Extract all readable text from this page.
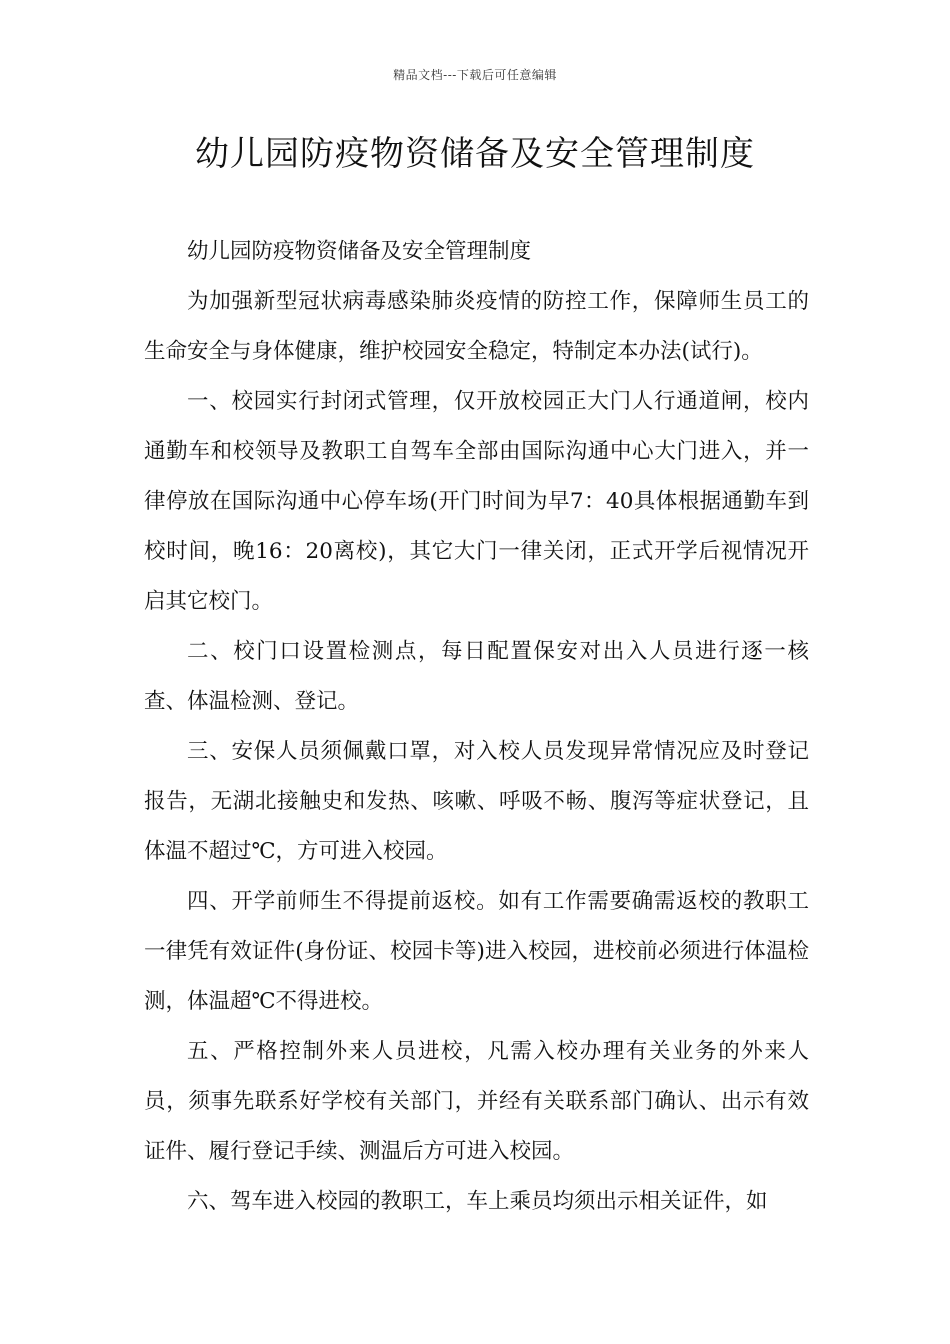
精品文档---下载后可任意编辑
幼儿园防疫物资储备及安全管理制度

幼儿园防疫物资储备及安全管理制度

为加强新型冠状病毒感染肺炎疫情的防控工作，保障师生员工的生命安全与身体健康，维护校园安全稳定，特制定本办法(试行)。

一、校园实行封闭式管理，仅开放校园正大门人行通道闸，校内通勤车和校领导及教职工自驾车全部由国际沟通中心大门进入，并一律停放在国际沟通中心停车场(开门时间为早7：40具体根据通勤车到校时间，晚16：20离校)，其它大门一律关闭，正式开学后视情况开启其它校门。

二、校门口设置检测点，每日配置保安对出入人员进行逐一核查、体温检测、登记。

三、安保人员须佩戴口罩，对入校人员发现异常情况应及时登记报告，无湖北接触史和发热、咳嗽、呼吸不畅、腹泻等症状登记，且体温不超过℃，方可进入校园。

四、开学前师生不得提前返校。如有工作需要确需返校的教职工一律凭有效证件(身份证、校园卡等)进入校园，进校前必须进行体温检测，体温超℃不得进校。

五、严格控制外来人员进校，凡需入校办理有关业务的外来人员，须事先联系好学校有关部门，并经有关联系部门确认、出示有效证件、履行登记手续、测温后方可进入校园。

六、驾车进入校园的教职工，车上乘员均须出示相关证件，如
